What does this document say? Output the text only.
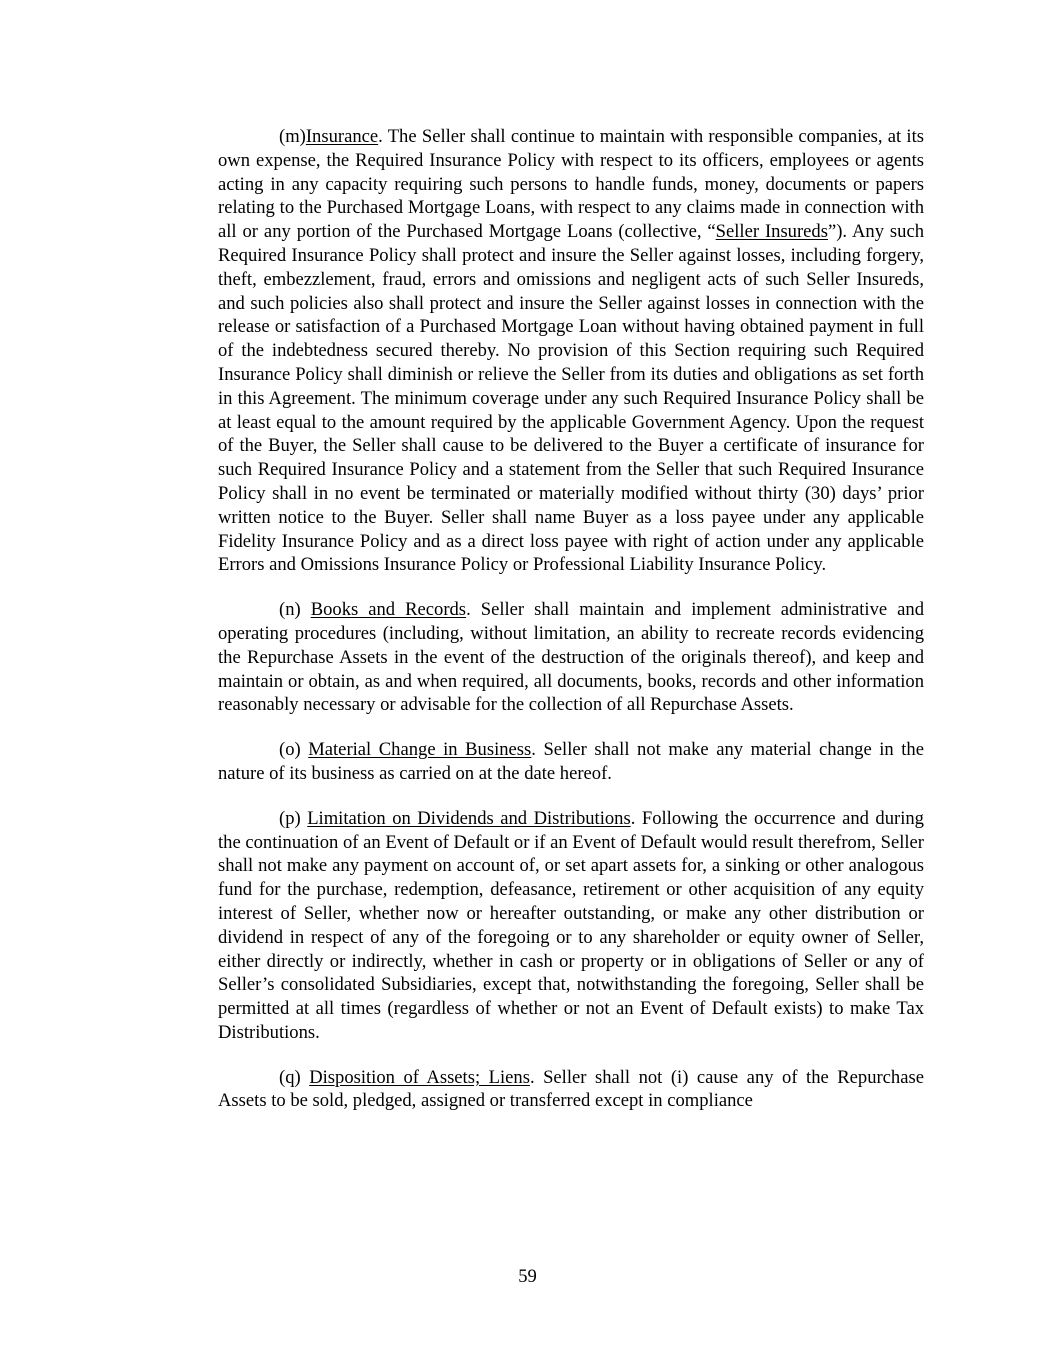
(m)Insurance. The Seller shall continue to maintain with responsible companies, at its own expense, the Required Insurance Policy with respect to its officers, employees or agents acting in any capacity requiring such persons to handle funds, money, documents or papers relating to the Purchased Mortgage Loans, with respect to any claims made in connection with all or any portion of the Purchased Mortgage Loans (collective, “Seller Insureds”). Any such Required Insurance Policy shall protect and insure the Seller against losses, including forgery, theft, embezzlement, fraud, errors and omissions and negligent acts of such Seller Insureds, and such policies also shall protect and insure the Seller against losses in connection with the release or satisfaction of a Purchased Mortgage Loan without having obtained payment in full of the indebtedness secured thereby. No provision of this Section requiring such Required Insurance Policy shall diminish or relieve the Seller from its duties and obligations as set forth in this Agreement. The minimum coverage under any such Required Insurance Policy shall be at least equal to the amount required by the applicable Government Agency. Upon the request of the Buyer, the Seller shall cause to be delivered to the Buyer a certificate of insurance for such Required Insurance Policy and a statement from the Seller that such Required Insurance Policy shall in no event be terminated or materially modified without thirty (30) days’ prior written notice to the Buyer. Seller shall name Buyer as a loss payee under any applicable Fidelity Insurance Policy and as a direct loss payee with right of action under any applicable Errors and Omissions Insurance Policy or Professional Liability Insurance Policy.

(n) Books and Records. Seller shall maintain and implement administrative and operating procedures (including, without limitation, an ability to recreate records evidencing the Repurchase Assets in the event of the destruction of the originals thereof), and keep and maintain or obtain, as and when required, all documents, books, records and other information reasonably necessary or advisable for the collection of all Repurchase Assets.

(o) Material Change in Business. Seller shall not make any material change in the nature of its business as carried on at the date hereof.

(p) Limitation on Dividends and Distributions. Following the occurrence and during the continuation of an Event of Default or if an Event of Default would result therefrom, Seller shall not make any payment on account of, or set apart assets for, a sinking or other analogous fund for the purchase, redemption, defeasance, retirement or other acquisition of any equity interest of Seller, whether now or hereafter outstanding, or make any other distribution or dividend in respect of any of the foregoing or to any shareholder or equity owner of Seller, either directly or indirectly, whether in cash or property or in obligations of Seller or any of Seller’s consolidated Subsidiaries, except that, notwithstanding the foregoing, Seller shall be permitted at all times (regardless of whether or not an Event of Default exists) to make Tax Distributions.

(q) Disposition of Assets; Liens. Seller shall not (i) cause any of the Repurchase Assets to be sold, pledged, assigned or transferred except in compliance

59
